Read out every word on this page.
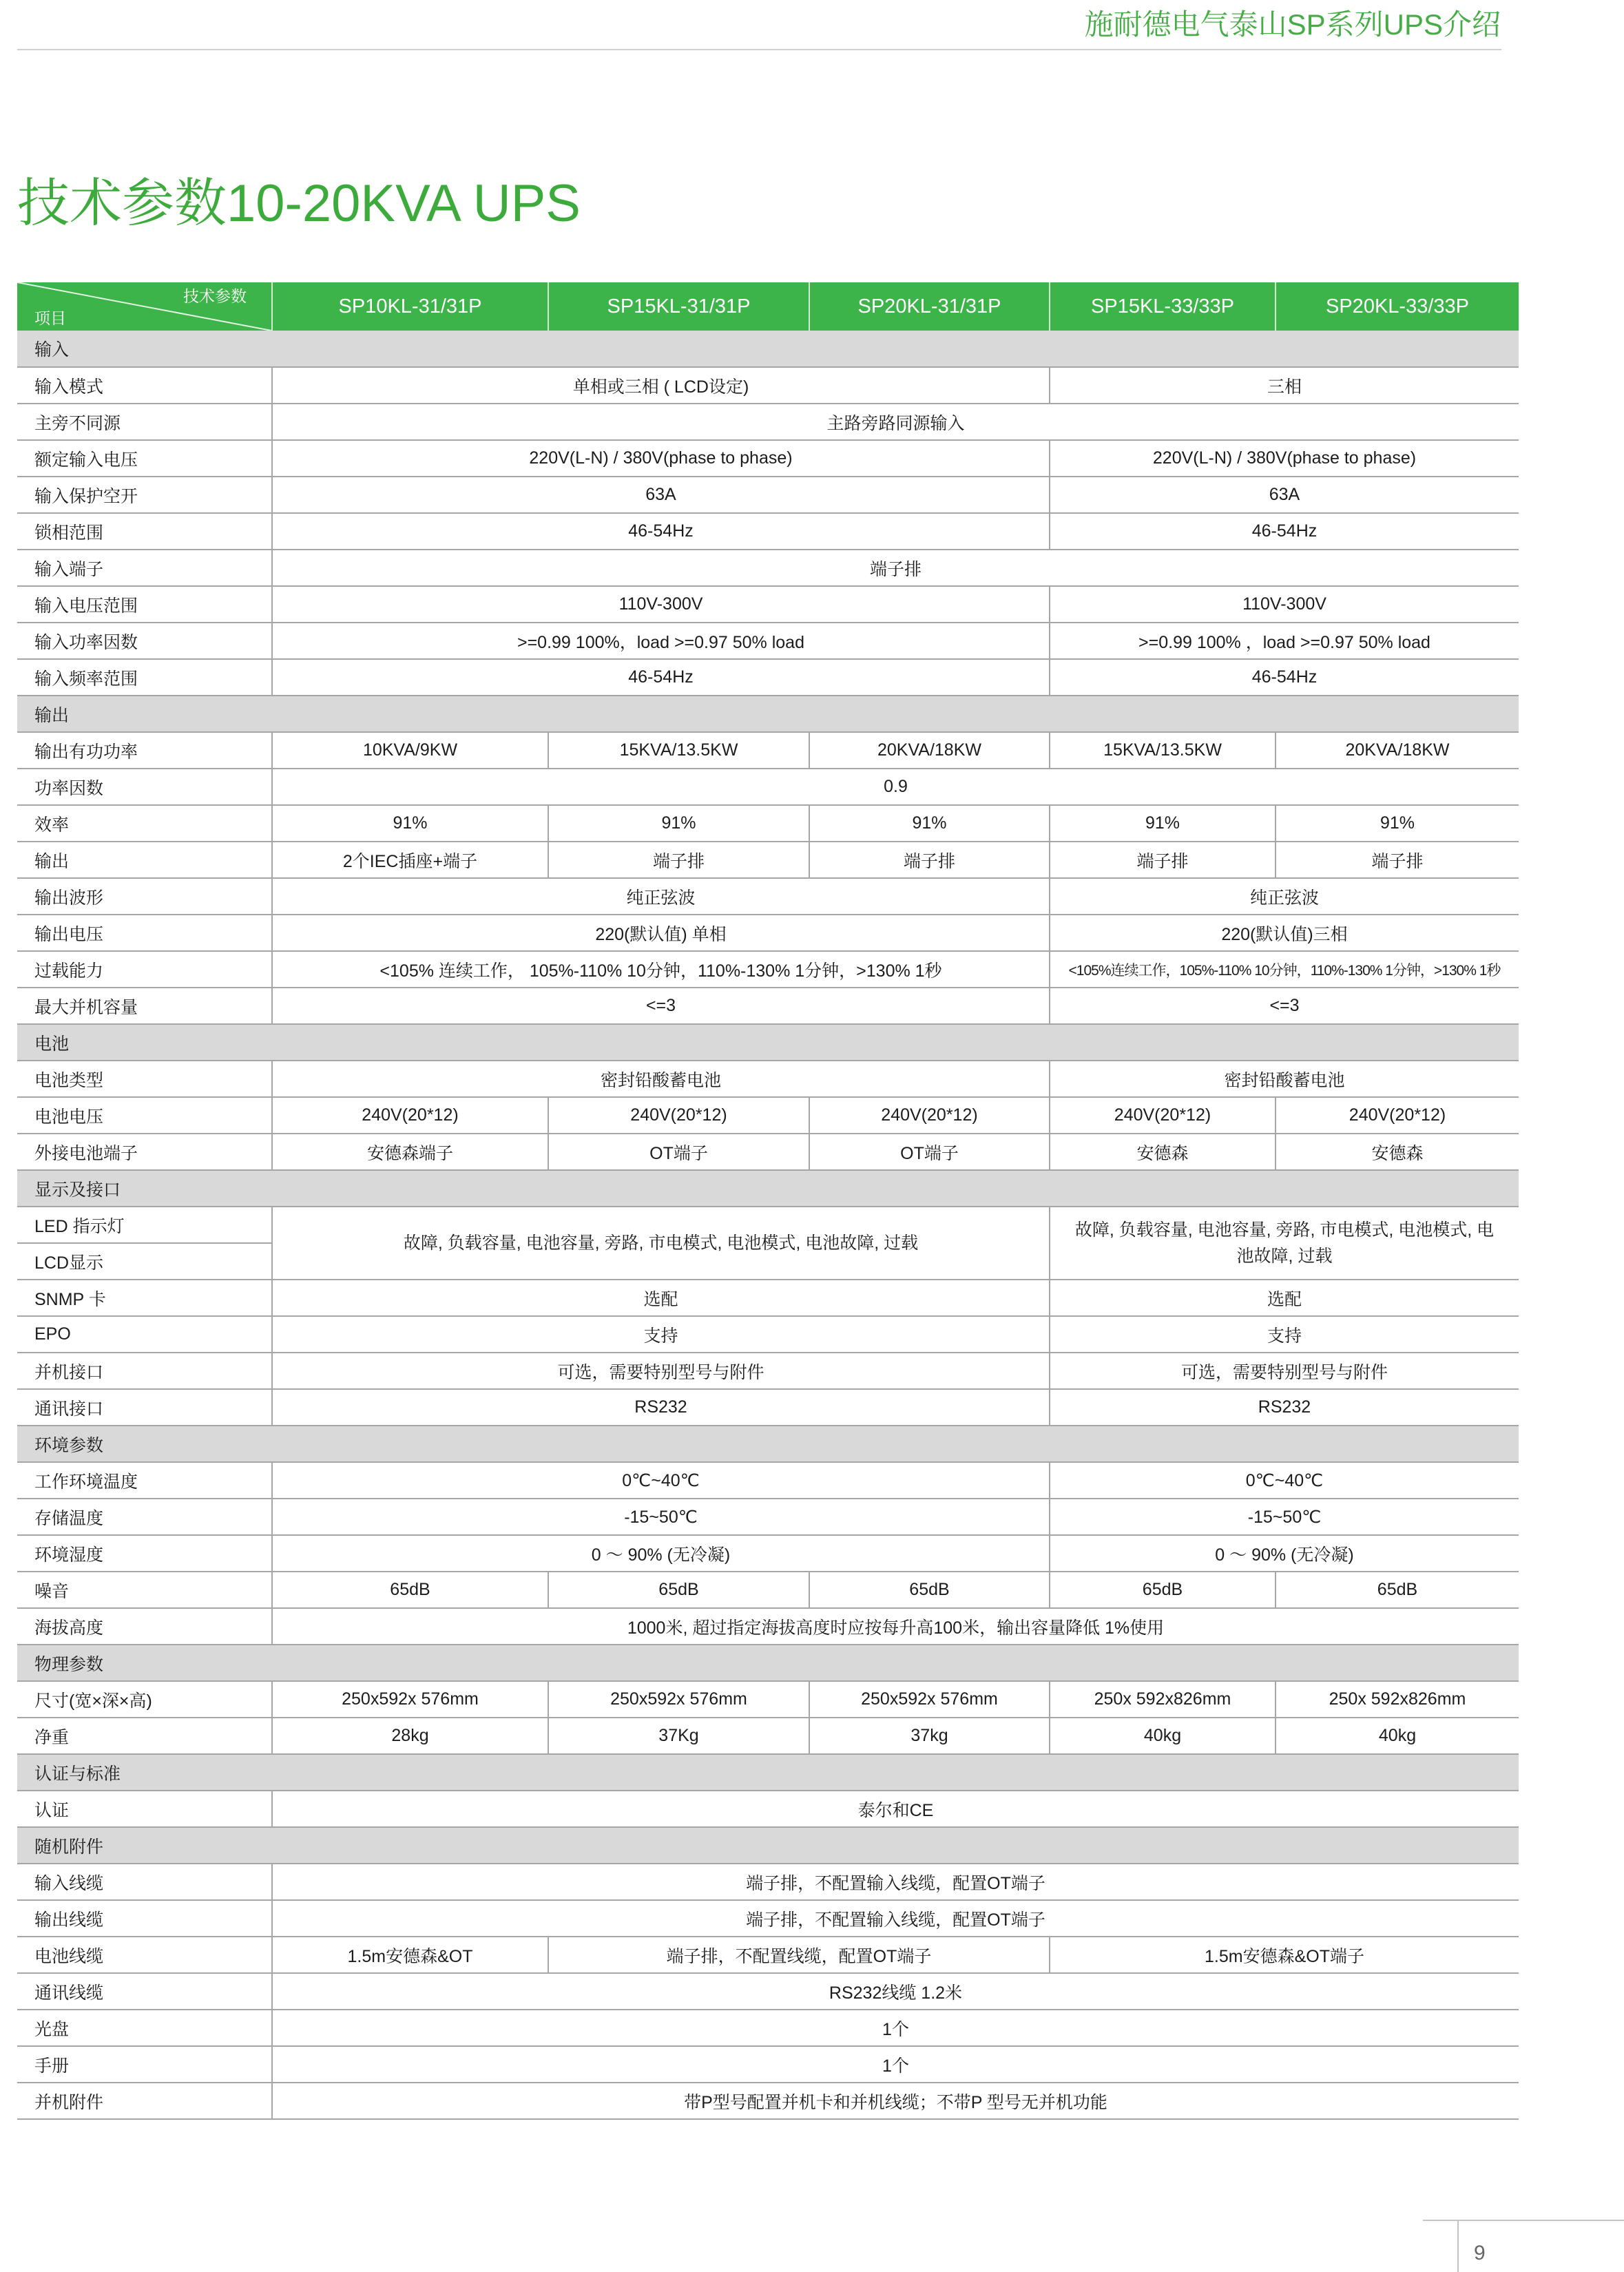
施耐德电气泰山SP系列UPS介绍
技术参数10-20KVA UPS
技术参数
项目	SP10KL-31/31P	SP15KL-31/31P	SP20KL-31/31P	SP15KL-33/33P	SP20KL-33/33P
输入					
输入模式	单相或三相 ( LCD设定)			三相	
主旁不同源	主路旁路同源输入				
额定输入电压	220V(L-N) / 380V(phase to phase)			220V(L-N) / 380V(phase to phase)	
输入保护空开	63A			63A	
锁相范围	46-54Hz			46-54Hz	
输入端子	端子排				
输入电压范围	110V-300V			110V-300V	
输入功率因数	>=0.99 100%，load >=0.97 50% load			>=0.99 100% ，load >=0.97 50% load	
输入频率范围	46-54Hz			46-54Hz	
输出					
输出有功功率	10KVA/9KW	15KVA/13.5KW	20KVA/18KW	15KVA/13.5KW	20KVA/18KW
功率因数	0.9				
效率	91%	91%	91%	91%	91%
输出	2个IEC插座+端子	端子排	端子排	端子排	端子排
输出波形	纯正弦波			纯正弦波	
输出电压	220(默认值) 单相			220(默认值)三相	
过载能力	<105% 连续工作， 105%-110% 10分钟，110%-130% 1分钟，>130% 1秒			<105%连续工作，105%-110% 10分钟，110%-130% 1分钟，>130% 1秒	
最大并机容量	<=3			<=3	
电池					
电池类型	密封铅酸蓄电池			密封铅酸蓄电池	
电池电压	240V(20*12)	240V(20*12)	240V(20*12)	240V(20*12)	240V(20*12)
外接电池端子	安德森端子	OT端子	OT端子	安德森	安德森
显示及接口					
LED 指示灯	故障, 负载容量, 电池容量, 旁路, 市电模式, 电池模式, 电池故障, 过载			故障, 负载容量, 电池容量, 旁路, 市电模式, 电池模式, 电池故障, 过载	
LCD显示					
SNMP 卡	选配			选配	
EPO	支持			支持	
并机接口	可选，需要特别型号与附件			可选，需要特别型号与附件	
通讯接口	RS232			RS232	
环境参数					
工作环境温度	0℃~40℃			0℃~40℃	
存储温度	-15~50℃			-15~50℃	
环境湿度	0 ～ 90% (无冷凝)			0 ～ 90% (无冷凝)	
噪音	65dB	65dB	65dB	65dB	65dB
海拔高度	1000米, 超过指定海拔高度时应按每升高100米，输出容量降低 1%使用				
物理参数					
尺寸(宽×深×高)	250x592x 576mm	250x592x 576mm	250x592x 576mm	250x 592x826mm	250x 592x826mm
净重	28kg	37Kg	37kg	40kg	40kg
认证与标准					
认证	泰尔和CE				
随机附件					
输入线缆	端子排，不配置输入线缆，配置OT端子				
输出线缆	端子排，不配置输入线缆，配置OT端子				
电池线缆	1.5m安德森&OT	端子排，不配置线缆，配置OT端子		1.5m安德森&OT端子	
通讯线缆	RS232线缆 1.2米				
光盘	1个				
手册	1个				
并机附件	带P型号配置并机卡和并机线缆；不带P 型号无并机功能				
9
